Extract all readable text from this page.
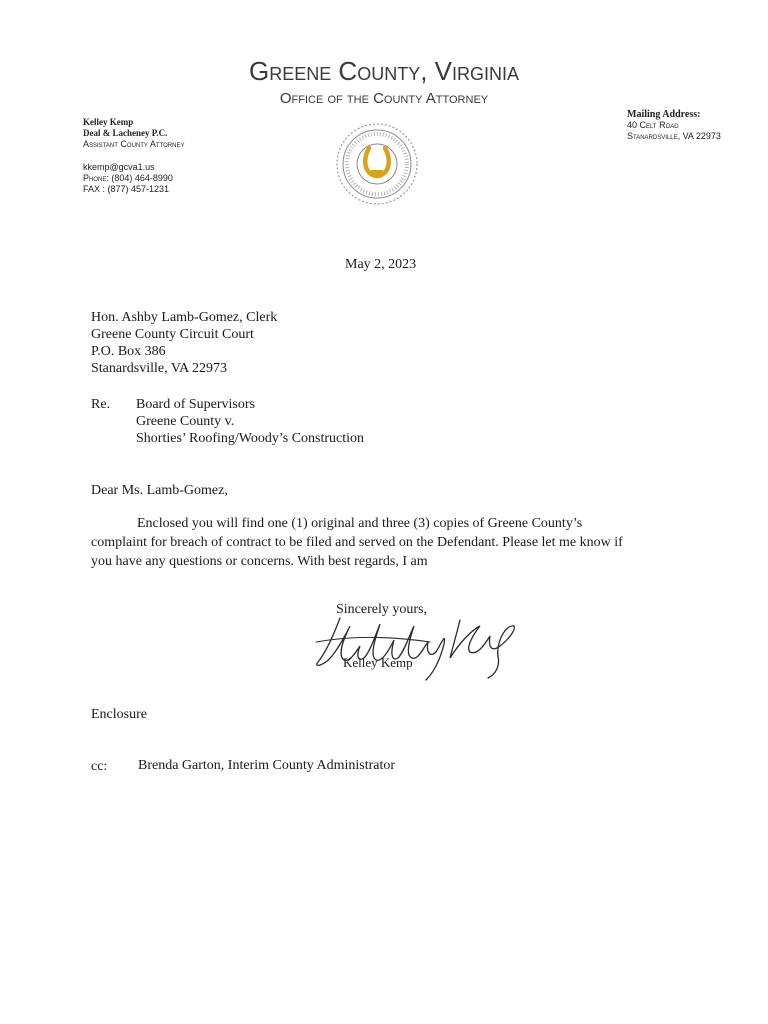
Greene County, Virginia
Office of the County Attorney
Kelley Kemp
Deal & Lacheney P.C.
Assistant County Attorney
kkemp@gcva1.us
Phone: (804) 464-8990
FAX : (877) 457-1231
Mailing Address:
40 Celt Road
Stanardsville, VA 22973
May 2, 2023
Hon. Ashby Lamb-Gomez, Clerk
Greene County Circuit Court
P.O. Box 386
Stanardsville, VA 22973
Re. Board of Supervisors
Greene County v.
Shorties’ Roofing/Woody’s Construction
Dear Ms. Lamb-Gomez,
Enclosed you will find one (1) original and three (3) copies of Greene County’s
complaint for breach of contract to be filed and served on the Defendant. Please let me know if
you have any questions or concerns. With best regards, I am
Sincerely yours,
Kelley Kemp
Enclosure
cc: Brenda Garton, Interim County Administrator
